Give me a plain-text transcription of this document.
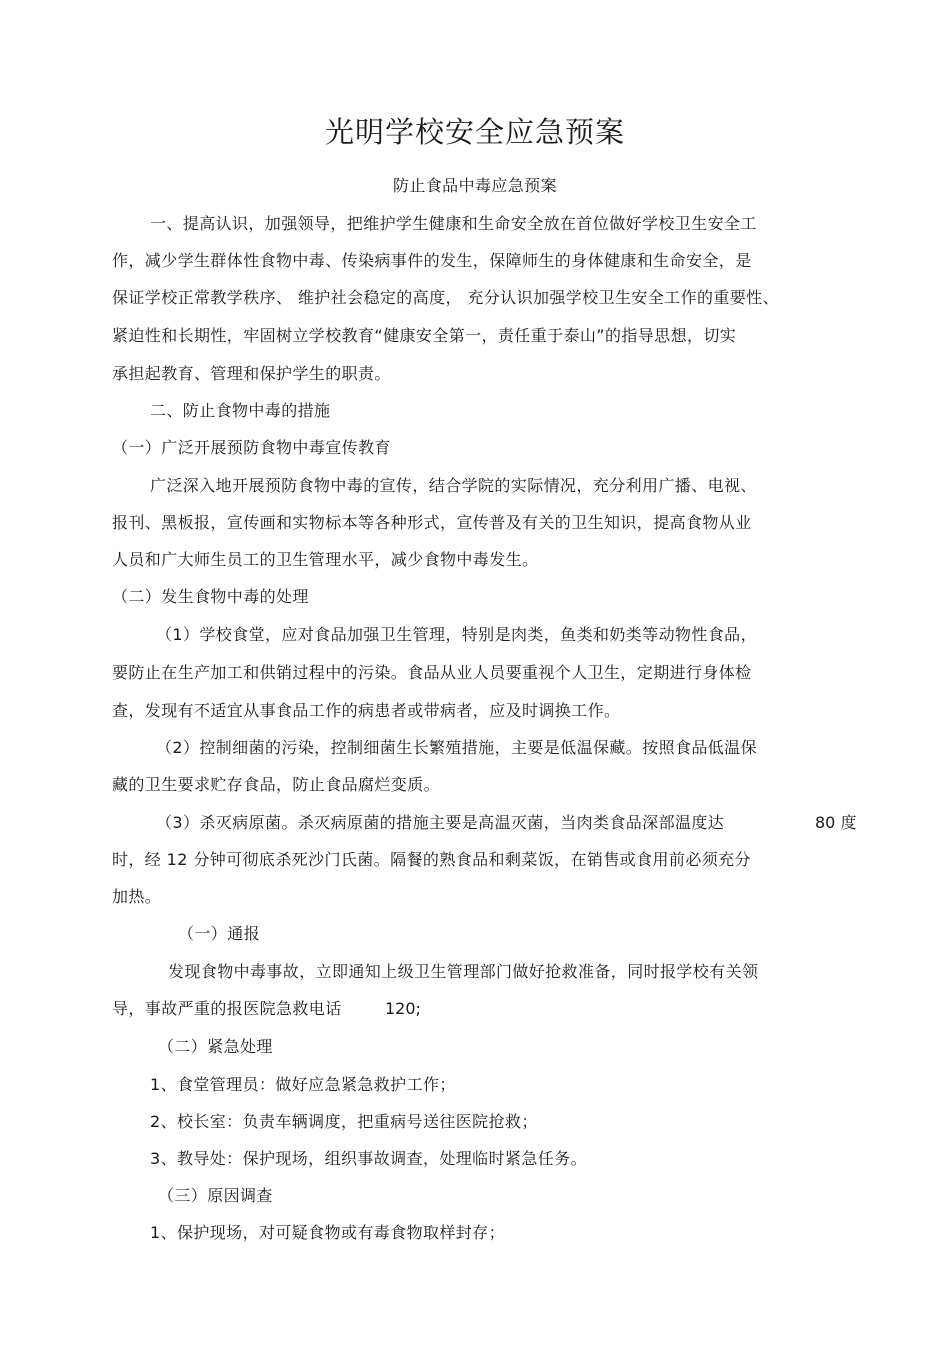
光明学校安全应急预案
防止食品中毒应急预案
一、提高认识，加强领导，把维护学生健康和生命安全放在首位做好学校卫生安全工
作，减少学生群体性食物中毒、传染病事件的发生，保障师生的身体健康和生命安全，是
保证学校正常教学秩序、 维护社会稳定的高度， 充分认识加强学校卫生安全工作的重要性、
紧迫性和长期性，牢固树立学校教育“健康安全第一，责任重于泰山”的指导思想，切实
承担起教育、管理和保护学生的职责。
二、防止食物中毒的措施
（一）广泛开展预防食物中毒宣传教育
广泛深入地开展预防食物中毒的宣传，结合学院的实际情况，充分利用广播、电视、
报刊、黑板报，宣传画和实物标本等各种形式，宣传普及有关的卫生知识，提高食物从业
人员和广大师生员工的卫生管理水平，减少食物中毒发生。
（二）发生食物中毒的处理
（1）学校食堂，应对食品加强卫生管理，特别是肉类，鱼类和奶类等动物性食品，
要防止在生产加工和供销过程中的污染。食品从业人员要重视个人卫生，定期进行身体检
查，发现有不适宜从事食品工作的病患者或带病者，应及时调换工作。
（2）控制细菌的污染，控制细菌生长繁殖措施，主要是低温保藏。按照食品低温保
藏的卫生要求贮存食品，防止食品腐烂变质。
（3）杀灭病原菌。杀灭病原菌的措施主要是高温灭菌，当肉类食品深部温度达	80 度
时，经 12 分钟可彻底杀死沙门氏菌。隔餐的熟食品和剩菜饭，在销售或食用前必须充分
加热。
（一）通报
发现食物中毒事故，立即通知上级卫生管理部门做好抢救准备，同时报学校有关领
导，事故严重的报医院急救电话	120;
（二）紧急处理
1、食堂管理员：做好应急紧急救护工作；
2、校长室：负责车辆调度，把重病号送往医院抢救；
3、教导处：保护现场，组织事故调查，处理临时紧急任务。
（三）原因调查
1、保护现场，对可疑食物或有毒食物取样封存；
